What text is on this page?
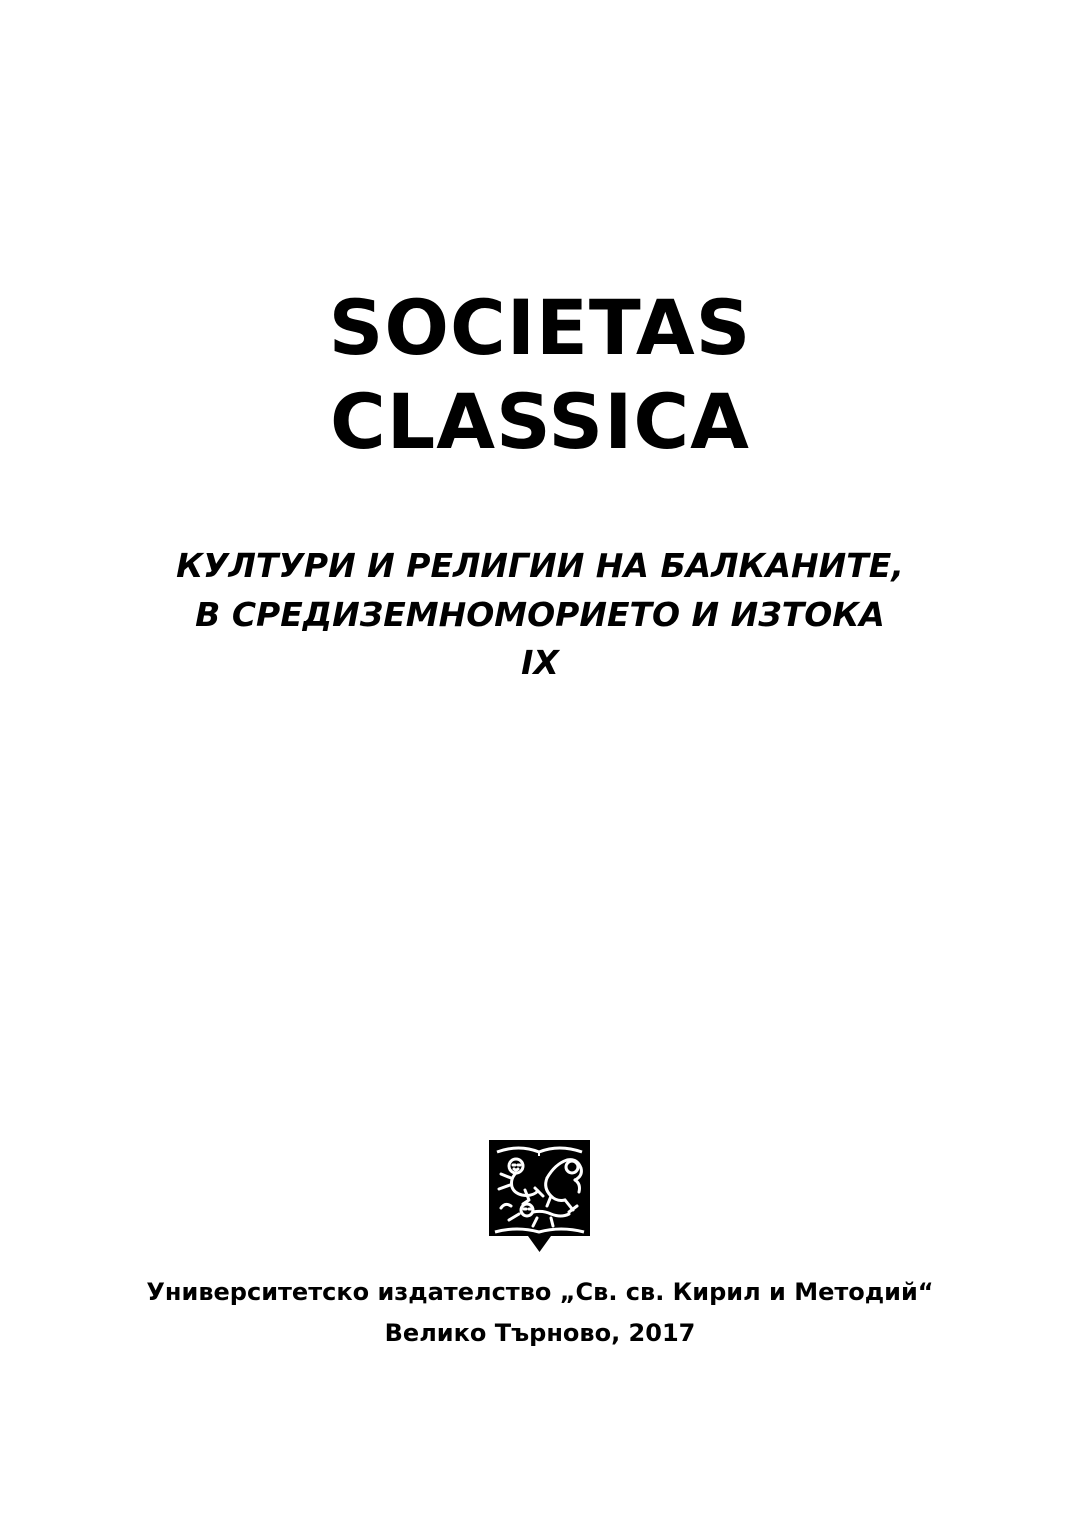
SOCIETAS
CLASSICA
КУЛТУРИ И РЕЛИГИИ НА БАЛКАНИТЕ,
В СРЕДИЗЕМНОМОРИЕТО И ИЗТОКА
IX
Университетско издателство „Св. св. Кирил и Методий“
Велико Търново, 2017
